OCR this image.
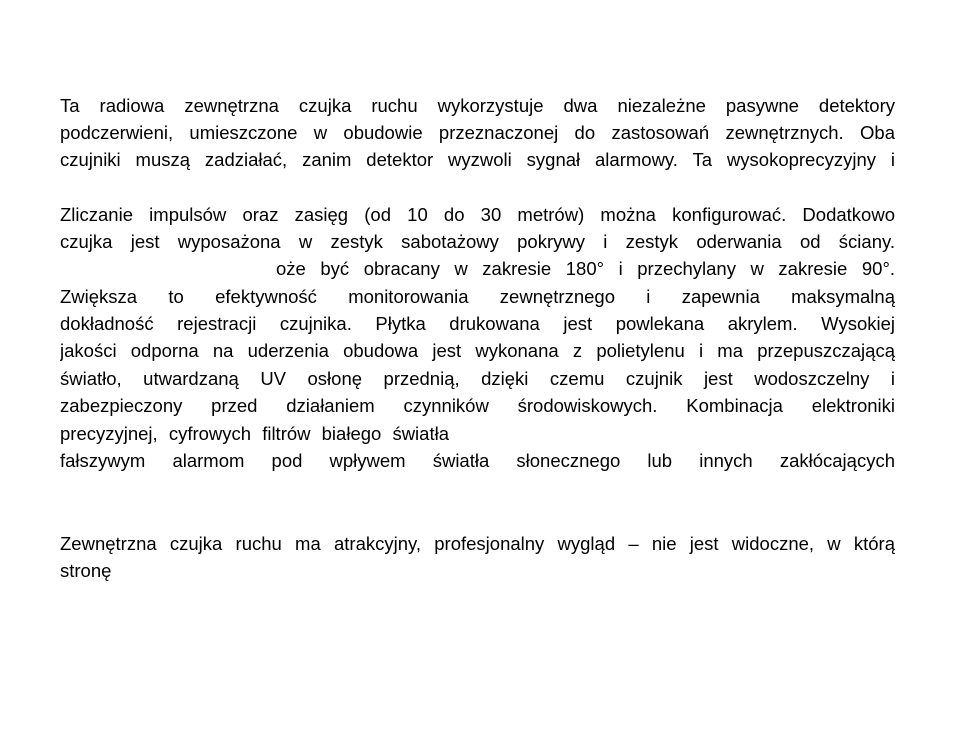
Ta radiowa zewnętrzna czujka ruchu wykorzystuje dwa niezależne pasywne detektory
podczerwieni, umieszczone w obudowie przeznaczonej do zastosowań zewnętrznych. Oba
czujniki muszą zadziałać, zanim detektor wyzwoli sygnał alarmowy. Ta wysokoprecyzyjny i
Zliczanie impulsów oraz zasięg (od 10 do 30 metrów) można konfigurować. Dodatkowo
czujka jest wyposażona w zestyk sabotażowy pokrywy i zestyk oderwania od ściany.
oże być obracany w zakresie 180° i przechylany w zakresie 90°.
Zwiększa to efektywność monitorowania zewnętrznego i zapewnia maksymalną
dokładność rejestracji czujnika. Płytka drukowana jest powlekana akrylem. Wysokiej
jakości odporna na uderzenia obudowa jest wykonana z polietylenu i ma przepuszczającą
światło, utwardzaną UV osłonę przednią, dzięki czemu czujnik jest wodoszczelny i
zabezpieczony przed działaniem czynników środowiskowych. Kombinacja elektroniki
precyzyjnej, cyfrowych filtrów białego światła
fałszywym alarmom pod wpływem światła słonecznego lub innych zakłócających
Zewnętrzna czujka ruchu ma atrakcyjny, profesjonalny wygląd – nie jest widoczne, w którą
stronę
